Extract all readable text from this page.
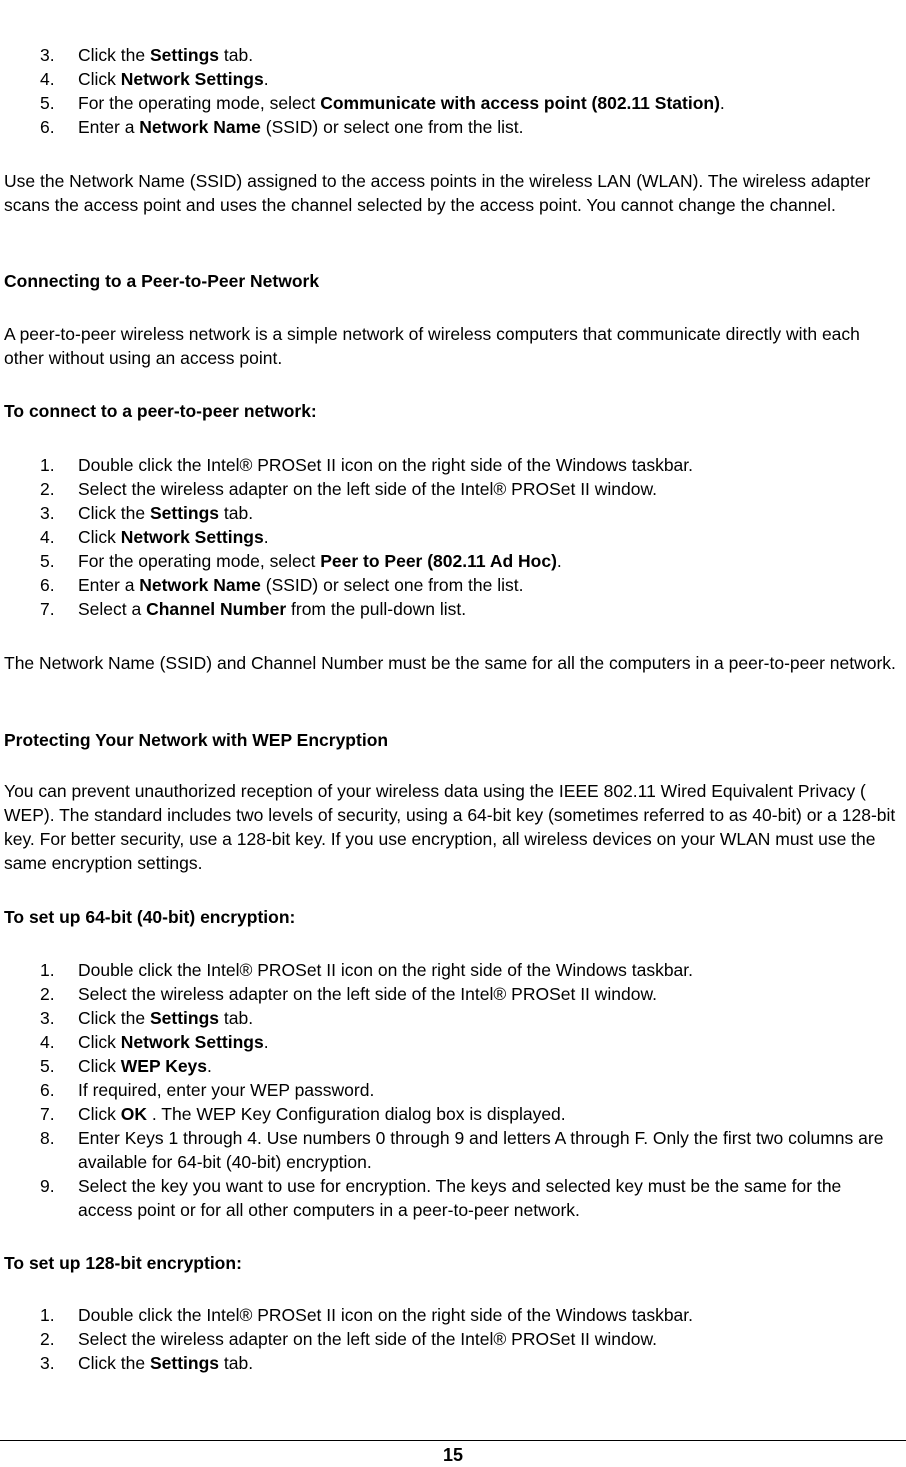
3. Click the Settings tab.
4. Click Network Settings.
5. For the operating mode, select Communicate with access point (802.11 Station).
6. Enter a Network Name (SSID) or select one from the list.

Use the Network Name (SSID) assigned to the access points in the wireless LAN (WLAN). The wireless adapter scans the access point and uses the channel selected by the access point. You cannot change the channel.

Connecting to a Peer-to-Peer Network

A peer-to-peer wireless network is a simple network of wireless computers that communicate directly with each other without using an access point.

To connect to a peer-to-peer network:

1. Double click the Intel® PROSet II icon on the right side of the Windows taskbar.
2. Select the wireless adapter on the left side of the Intel® PROSet II window.
3. Click the Settings tab.
4. Click Network Settings.
5. For the operating mode, select Peer to Peer (802.11 Ad Hoc).
6. Enter a Network Name (SSID) or select one from the list.
7. Select a Channel Number from the pull-down list.

The Network Name (SSID) and Channel Number must be the same for all the computers in a peer-to-peer network.

Protecting Your Network with WEP Encryption

You can prevent unauthorized reception of your wireless data using the IEEE 802.11 Wired Equivalent Privacy ( WEP). The standard includes two levels of security, using a 64-bit key (sometimes referred to as 40-bit) or a 128-bit key. For better security, use a 128-bit key. If you use encryption, all wireless devices on your WLAN must use the same encryption settings.

To set up 64-bit (40-bit) encryption:

1. Double click the Intel® PROSet II icon on the right side of the Windows taskbar.
2. Select the wireless adapter on the left side of the Intel® PROSet II window.
3. Click the Settings tab.
4. Click Network Settings.
5. Click WEP Keys.
6. If required, enter your WEP password.
7. Click OK . The WEP Key Configuration dialog box is displayed.
8. Enter Keys 1 through 4. Use numbers 0 through 9 and letters A through F. Only the first two columns are available for 64-bit (40-bit) encryption.
9. Select the key you want to use for encryption. The keys and selected key must be the same for the access point or for all other computers in a peer-to-peer network.

To set up 128-bit encryption:

1. Double click the Intel® PROSet II icon on the right side of the Windows taskbar.
2. Select the wireless adapter on the left side of the Intel® PROSet II window.
3. Click the Settings tab.
15
